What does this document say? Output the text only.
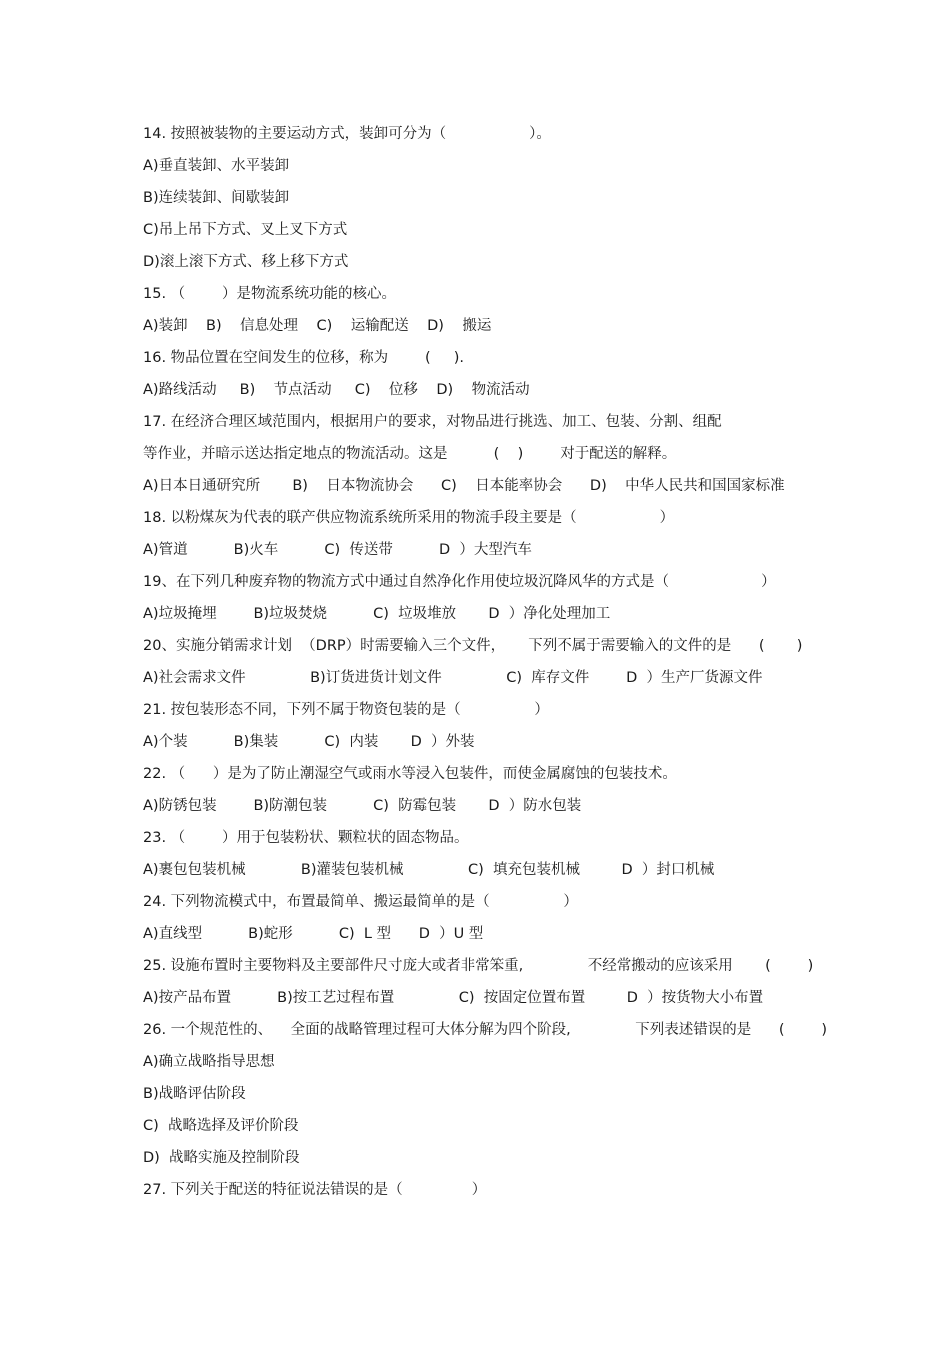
14. 按照被装物的主要运动方式，装卸可分为（                  ）。
A)垂直装卸、水平装卸
B)连续装卸、间歇装卸
C)吊上吊下方式、叉上叉下方式
D)滚上滚下方式、移上移下方式
15. （        ）是物流系统功能的核心。
A)装卸    B)    信息处理    C)    运输配送    D)    搬运
16. 物品位置在空间发生的位移，称为        (     ).
A)路线活动     B)    节点活动     C)    位移    D)    物流活动
17. 在经济合理区域范围内，根据用户的要求，对物品进行挑选、加工、包装、分割、组配
等作业，并暗示送达指定地点的物流活动。这是          (    )        对于配送的解释。
A)日本日通研究所       B)    日本物流协会      C)    日本能率协会      D)    中华人民共和国国家标准
18. 以粉煤灰为代表的联产供应物流系统所采用的物流手段主要是（                  ）
A)管道          B)火车          C)  传送带          D  ）大型汽车
19、在下列几种废弃物的物流方式中通过自然净化作用使垃圾沉降风华的方式是（                    ）
A)垃圾掩埋        B)垃圾焚烧          C)  垃圾堆放       D  ）净化处理加工
20、实施分销需求计划  （DRP）时需要输入三个文件，     下列不属于需要输入的文件的是      (       )
A)社会需求文件              B)订货进货计划文件              C)  库存文件        D  ）生产厂货源文件
21. 按包装形态不同，下列不属于物资包装的是（                ）
A)个装          B)集装          C)  内装       D  ）外装
22. （      ）是为了防止潮湿空气或雨水等浸入包装件，而使金属腐蚀的包装技术。
A)防锈包装        B)防潮包装          C)  防霉包装       D  ）防水包装
23. （        ）用于包装粉状、颗粒状的固态物品。
A)裹包包装机械            B)灌装包装机械              C)  填充包装机械         D  ）封口机械
24. 下列物流模式中，布置最简单、搬运最简单的是（                ）
A)直线型          B)蛇形          C)  L 型      D  ）U 型
25. 设施布置时主要物料及主要部件尺寸庞大或者非常笨重,              不经常搬动的应该采用       (        )
A)按产品布置          B)按工艺过程布置              C)  按固定位置布置         D  ）按货物大小布置
26. 一个规范性的、    全面的战略管理过程可大体分解为四个阶段,              下列表述错误的是      (        )
A)确立战略指导思想
B)战略评估阶段
C)  战略选择及评价阶段
D)  战略实施及控制阶段
27. 下列关于配送的特征说法错误的是（               ）
